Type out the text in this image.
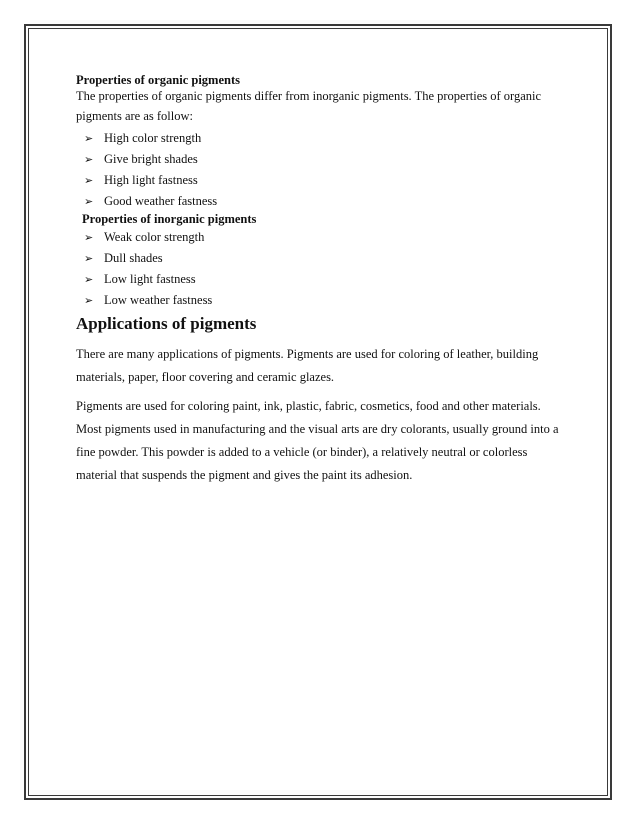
Properties of organic pigments

The properties of organic pigments differ from inorganic pigments. The properties of organic

pigments are as follow:

➢ High color strength
➢ Give bright shades
➢ High light fastness
➢ Good weather fastness

Properties of inorganic pigments

➢ Weak color strength
➢ Dull shades
➢ Low light fastness
➢ Low weather fastness
Applications of pigments
There are many applications of pigments. Pigments are used for coloring of leather, building
materials, paper, floor covering and ceramic glazes.
Pigments are used for coloring paint, ink, plastic, fabric, cosmetics, food and other materials.
Most pigments used in manufacturing and the visual arts are dry colorants, usually ground into a
fine powder. This powder is added to a vehicle (or binder), a relatively neutral or colorless
material that suspends the pigment and gives the paint its adhesion.
